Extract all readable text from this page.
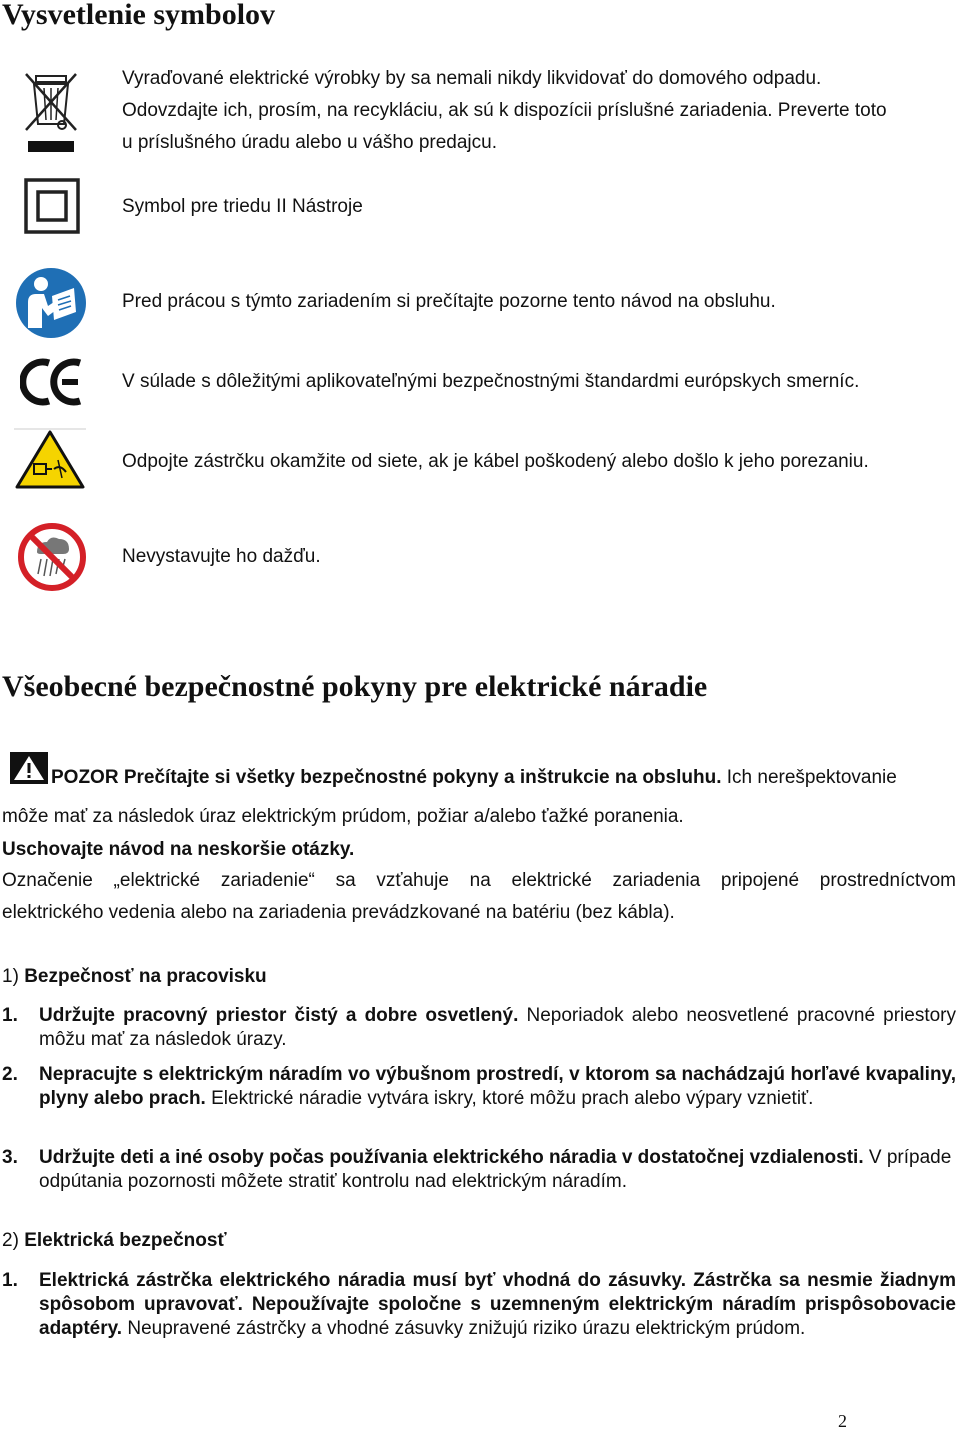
Vysvetlenie symbolov
Vyraďované elektrické výrobky by sa nemali nikdy likvidovať do domového odpadu.
Odovzdajte ich, prosím, na recykláciu, ak sú k dispozícii príslušné zariadenia. Preverte toto
u príslušného úradu alebo u vášho predajcu.
Symbol pre triedu II Nástroje
Pred prácou s týmto zariadením si prečítajte pozorne tento návod na obsluhu.
V súlade s dôležitými aplikovateľnými bezpečnostnými štandardmi európskych smerníc.
Odpojte zástrčku okamžite od siete, ak je kábel poškodený alebo došlo k jeho porezaniu.
Nevystavujte ho dažďu.
Všeobecné bezpečnostné pokyny pre elektrické náradie
POZOR Prečítajte si všetky bezpečnostné pokyny a inštrukcie na obsluhu. Ich nerešpektovanie
môže mať za následok úraz elektrickým prúdom, požiar a/alebo ťažké poranenia.
Uschovajte návod na neskoršie otázky.
Označenie „elektrické zariadenie“ sa vzťahuje na elektrické zariadenia pripojené prostredníctvom
elektrického vedenia alebo na zariadenia prevádzkované na batériu (bez kábla).
1) Bezpečnosť na pracovisku
1. Udržujte pracovný priestor čistý a dobre osvetlený. Neporiadok alebo neosvetlené pracovné priestory môžu mať za následok úrazy.
2. Nepracujte s elektrickým náradím vo výbušnom prostredí, v ktorom sa nachádzajú horľavé kvapaliny, plyny alebo prach. Elektrické náradie vytvára iskry, ktoré môžu prach alebo výpary vznietiť.
3. Udržujte deti a iné osoby počas používania elektrického náradia v dostatočnej vzdialenosti. V prípade odpútania pozornosti môžete stratiť kontrolu nad elektrickým náradím.
2) Elektrická bezpečnosť
1. Elektrická zástrčka elektrického náradia musí byť vhodná do zásuvky. Zástrčka sa nesmie žiadnym spôsobom upravovať. Nepoužívajte spoločne s uzemneným elektrickým náradím prispôsobovacie adaptéry. Neupravené zástrčky a vhodné zásuvky znižujú riziko úrazu elektrickým prúdom.
2
